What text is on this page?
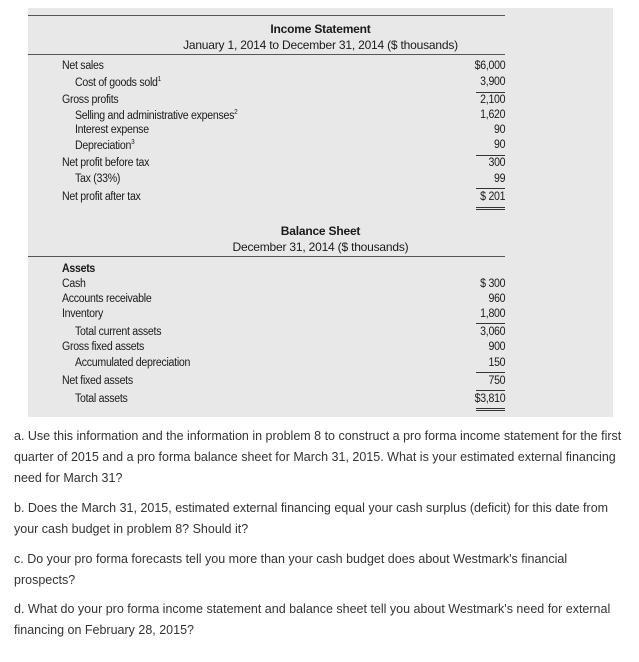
Income Statement
January 1, 2014 to December 31, 2014 ($ thousands)
Net sales	$6,000
Cost of goods sold$^1$	3,900
Gross profits	2,100
Selling and administrative expenses$^2$	1,620
Interest expense	90
Depreciation$^3$	90
Net profit before tax	300
Tax (33%)	99
Net profit after tax	$ 201
Balance Sheet
December 31, 2014 ($ thousands)
Assets
Cash	$ 300
Accounts receivable	960
Inventory	1,800
Total current assets	3,060
Gross fixed assets	900
Accumulated depreciation	150
Net fixed assets	750
Total assets	$3,810
a. Use this information and the information in problem 8 to construct a pro forma income statement for the first quarter of 2015 and a pro forma balance sheet for March 31, 2015. What is your estimated external financing need for March 31?
b. Does the March 31, 2015, estimated external financing equal your cash surplus (deficit) for this date from your cash budget in problem 8? Should it?
c. Do your pro forma forecasts tell you more than your cash budget does about Westmark's financial prospects?
d. What do your pro forma income statement and balance sheet tell you about Westmark's need for external financing on February 28, 2015?
